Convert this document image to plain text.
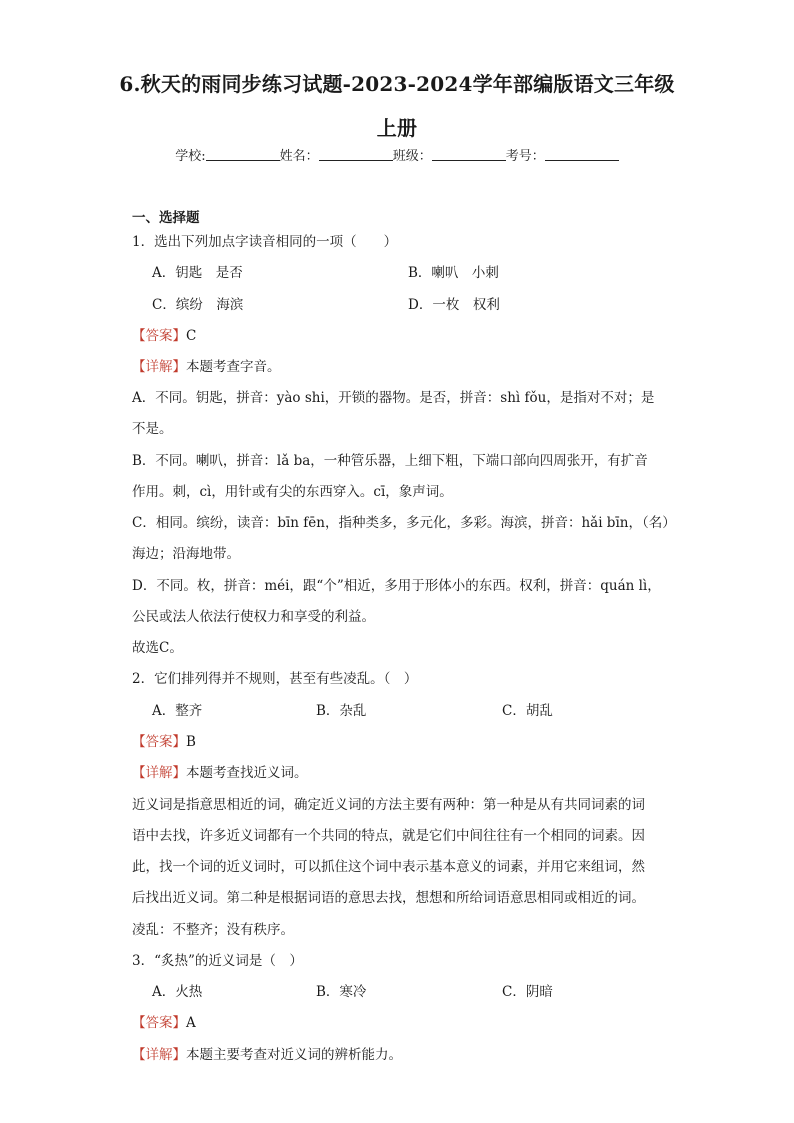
6.秋天的雨同步练习试题-2023-2024学年部编版语文三年级
上册
学校:	姓名：	班级：	考号：
一、选择题
1．选出下列加点字读音相同的一项（　　）
A．钥匙　是否	B．喇叭　小刺
C．缤纷　海滨	D．一枚　权利
【答案】C
【详解】本题考查字音。
A．不同。钥匙，拼音：yào shi，开锁的器物。是否，拼音：shì fǒu，是指对不对；是
不是。
B．不同。喇叭，拼音：lǎ ba，一种管乐器，上细下粗，下端口部向四周张开，有扩音
作用。刺，cì，用针或有尖的东西穿入。cī，象声词。
C．相同。缤纷，读音：bīn fēn，指种类多，多元化，多彩。海滨，拼音：hǎi bīn，（名）
海边；沿海地带。
D．不同。枚，拼音：méi，跟“个”相近，多用于形体小的东西。权利，拼音：quán lì，
公民或法人依法行使权力和享受的利益。
故选C。
2．它们排列得并不规则，甚至有些凌乱。（　）
A．整齐	B．杂乱	C．胡乱
【答案】B
【详解】本题考查找近义词。
近义词是指意思相近的词，确定近义词的方法主要有两种：第一种是从有共同词素的词
语中去找，许多近义词都有一个共同的特点，就是它们中间往往有一个相同的词素。因
此，找一个词的近义词时，可以抓住这个词中表示基本意义的词素，并用它来组词，然
后找出近义词。第二种是根据词语的意思去找，想想和所给词语意思相同或相近的词。
凌乱：不整齐；没有秩序。
3．“炙热”的近义词是（　）
A．火热	B．寒冷	C．阴暗
【答案】A
【详解】本题主要考查对近义词的辨析能力。
